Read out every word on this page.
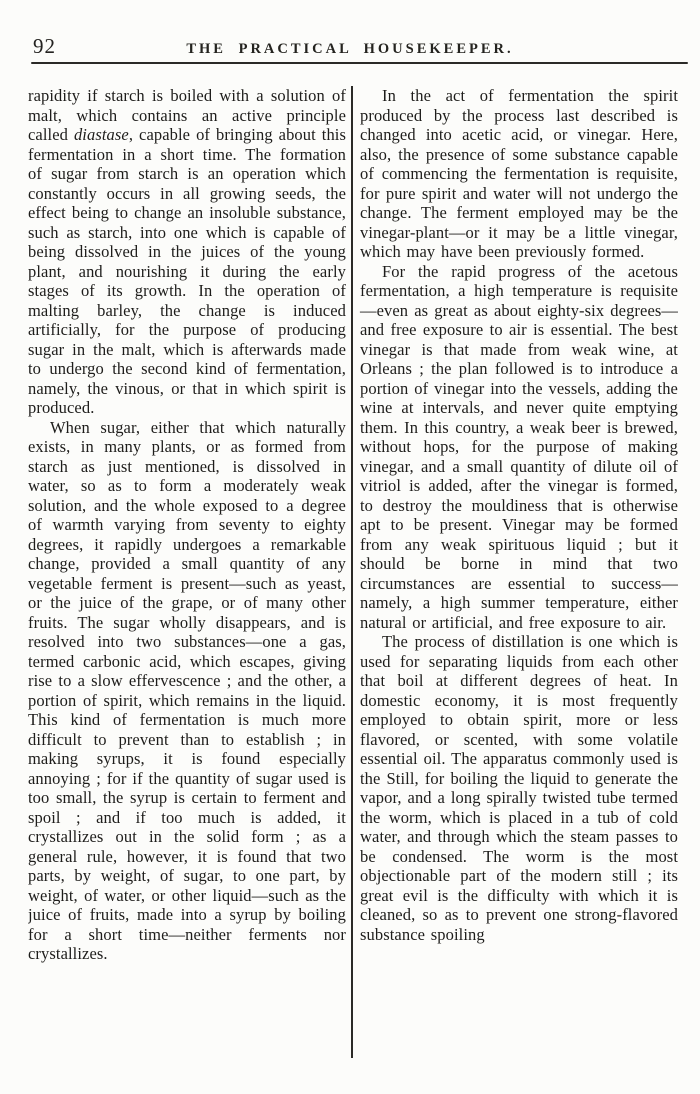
92	THE PRACTICAL HOUSEKEEPER.

rapidity if starch is boiled with a solution of malt, which contains an active principle called diastase, capable of bringing about this fermentation in a short time. The formation of sugar from starch is an operation which constantly occurs in all growing seeds, the effect being to change an insoluble substance, such as starch, into one which is capable of being dissolved in the juices of the young plant, and nourishing it during the early stages of its growth. In the operation of malting barley, the change is induced artificially, for the purpose of producing sugar in the malt, which is afterwards made to undergo the second kind of fermentation, namely, the vinous, or that in which spirit is produced.

When sugar, either that which naturally exists, in many plants, or as formed from starch as just mentioned, is dissolved in water, so as to form a moderately weak solution, and the whole exposed to a degree of warmth varying from seventy to eighty degrees, it rapidly undergoes a remarkable change, provided a small quantity of any vegetable ferment is present—such as yeast, or the juice of the grape, or of many other fruits. The sugar wholly disappears, and is resolved into two substances—one a gas, termed carbonic acid, which escapes, giving rise to a slow effervescence ; and the other, a portion of spirit, which remains in the liquid. This kind of fermentation is much more difficult to prevent than to establish ; in making syrups, it is found especially annoying ; for if the quantity of sugar used is too small, the syrup is certain to ferment and spoil ; and if too much is added, it crystallizes out in the solid form ; as a general rule, however, it is found that two parts, by weight, of sugar, to one part, by weight, of water, or other liquid—such as the juice of fruits, made into a syrup by boiling for a short time—neither ferments nor crystallizes.

In the act of fermentation the spirit produced by the process last described is changed into acetic acid, or vinegar. Here, also, the presence of some substance capable of commencing the fermentation is requisite, for pure spirit and water will not undergo the change. The ferment employed may be the vinegar-plant—or it may be a little vinegar, which may have been previously formed.

For the rapid progress of the acetous fermentation, a high temperature is requisite—even as great as about eighty-six degrees—and free exposure to air is essential. The best vinegar is that made from weak wine, at Orleans ; the plan followed is to introduce a portion of vinegar into the vessels, adding the wine at intervals, and never quite emptying them. In this country, a weak beer is brewed, without hops, for the purpose of making vinegar, and a small quantity of dilute oil of vitriol is added, after the vinegar is formed, to destroy the mouldiness that is otherwise apt to be present. Vinegar may be formed from any weak spirituous liquid ; but it should be borne in mind that two circumstances are essential to success—namely, a high summer temperature, either natural or artificial, and free exposure to air.

The process of distillation is one which is used for separating liquids from each other that boil at different degrees of heat. In domestic economy, it is most frequently employed to obtain spirit, more or less flavored, or scented, with some volatile essential oil. The apparatus commonly used is the Still, for boiling the liquid to generate the vapor, and a long spirally twisted tube termed the worm, which is placed in a tub of cold water, and through which the steam passes to be condensed. The worm is the most objectionable part of the modern still ; its great evil is the difficulty with which it is cleaned, so as to prevent one strong-flavored substance spoiling
